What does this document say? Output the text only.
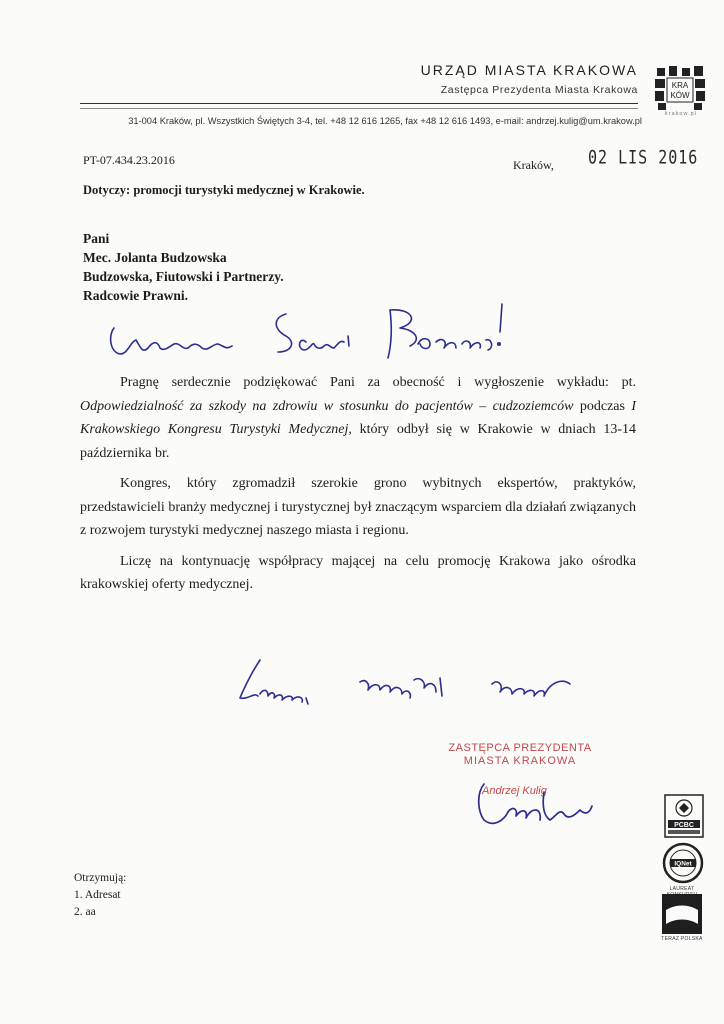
URZĄD MIASTA KRAKOWA
Zastępca Prezydenta Miasta Krakowa
31-004 Kraków, pl. Wszystkich Świętych 3-4, tel. +48 12 616 1265, fax +48 12 616 1493, e-mail: andrzej.kulig@um.krakow.pl
KRA
KÓW
krakow.pl
PT-07.434.23.2016	Kraków, 02 LIS 2016
Dotyczy: promocji turystyki medycznej w Krakowie.
Pani
Mec. Jolanta Budzowska
Budzowska, Fiutowski i Partnerzy.
Radcowie Prawni.

Pragnę serdecznie podziękować Pani za obecność i wygłoszenie wykładu: pt. Odpowiedzialność za szkody na zdrowiu w stosunku do pacjentów – cudzoziemców podczas I Krakowskiego Kongresu Turystyki Medycznej, który odbył się w Krakowie w dniach 13-14 października br.

Kongres, który zgromadził szerokie grono wybitnych ekspertów, praktyków, przedstawicieli branży medycznej i turystycznej był znaczącym wsparciem dla działań związanych z rozwojem turystyki medycznej naszego miasta i regionu.

Liczę na kontynuację współpracy mającej na celu promocję Krakowa jako ośrodka krakowskiej oferty medycznej.

ZASTĘPCA PREZYDENTA
MIASTA KRAKOWA
Andrzej Kulig
Otrzymują:
1. Adresat
2. aa
PCBC
IQNet
LAUREAT
TERAZ POLSKA
